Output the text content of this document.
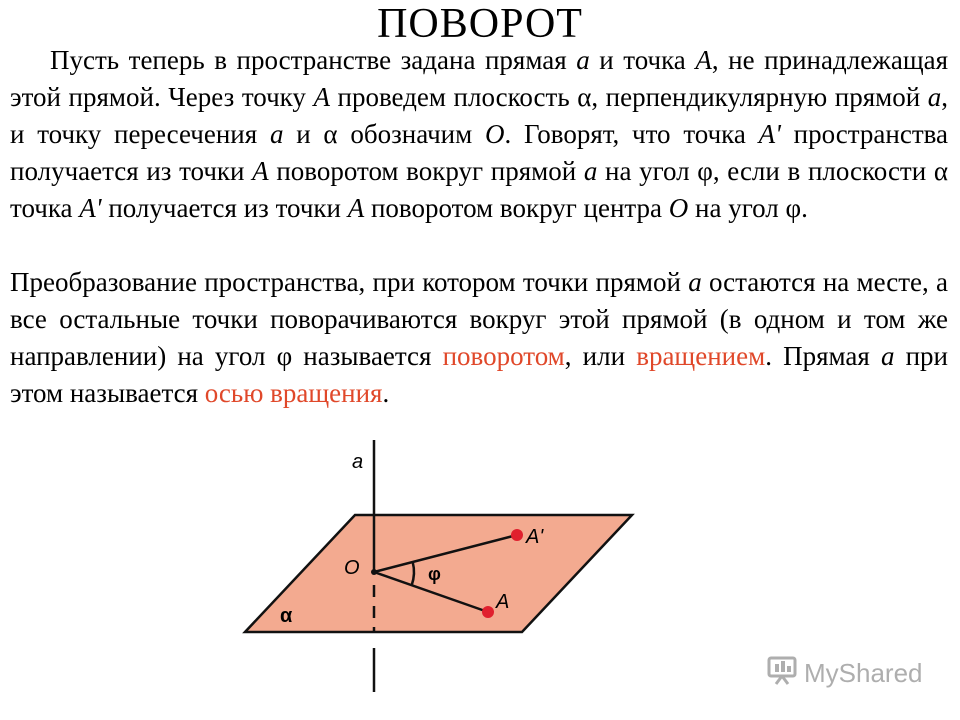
ПОВОРОТ
Пусть теперь в пространстве задана прямая a и точка A, не принадлежащая этой прямой. Через точку A проведем плоскость α, перпендикулярную прямой a, и точку пересечения a и α обозначим O. Говорят, что точка A' пространства получается из точки A поворотом вокруг прямой a на угол φ, если в плоскости α точка A' получается из точки A поворотом вокруг центра O на угол φ.
Преобразование пространства, при котором точки прямой a остаются на месте, а все остальные точки поворачиваются вокруг этой прямой (в одном и том же направлении) на угол φ называется поворотом, или вращением. Прямая a при этом называется осью вращения.
a
O
A'
A
φ
α
MyShared
